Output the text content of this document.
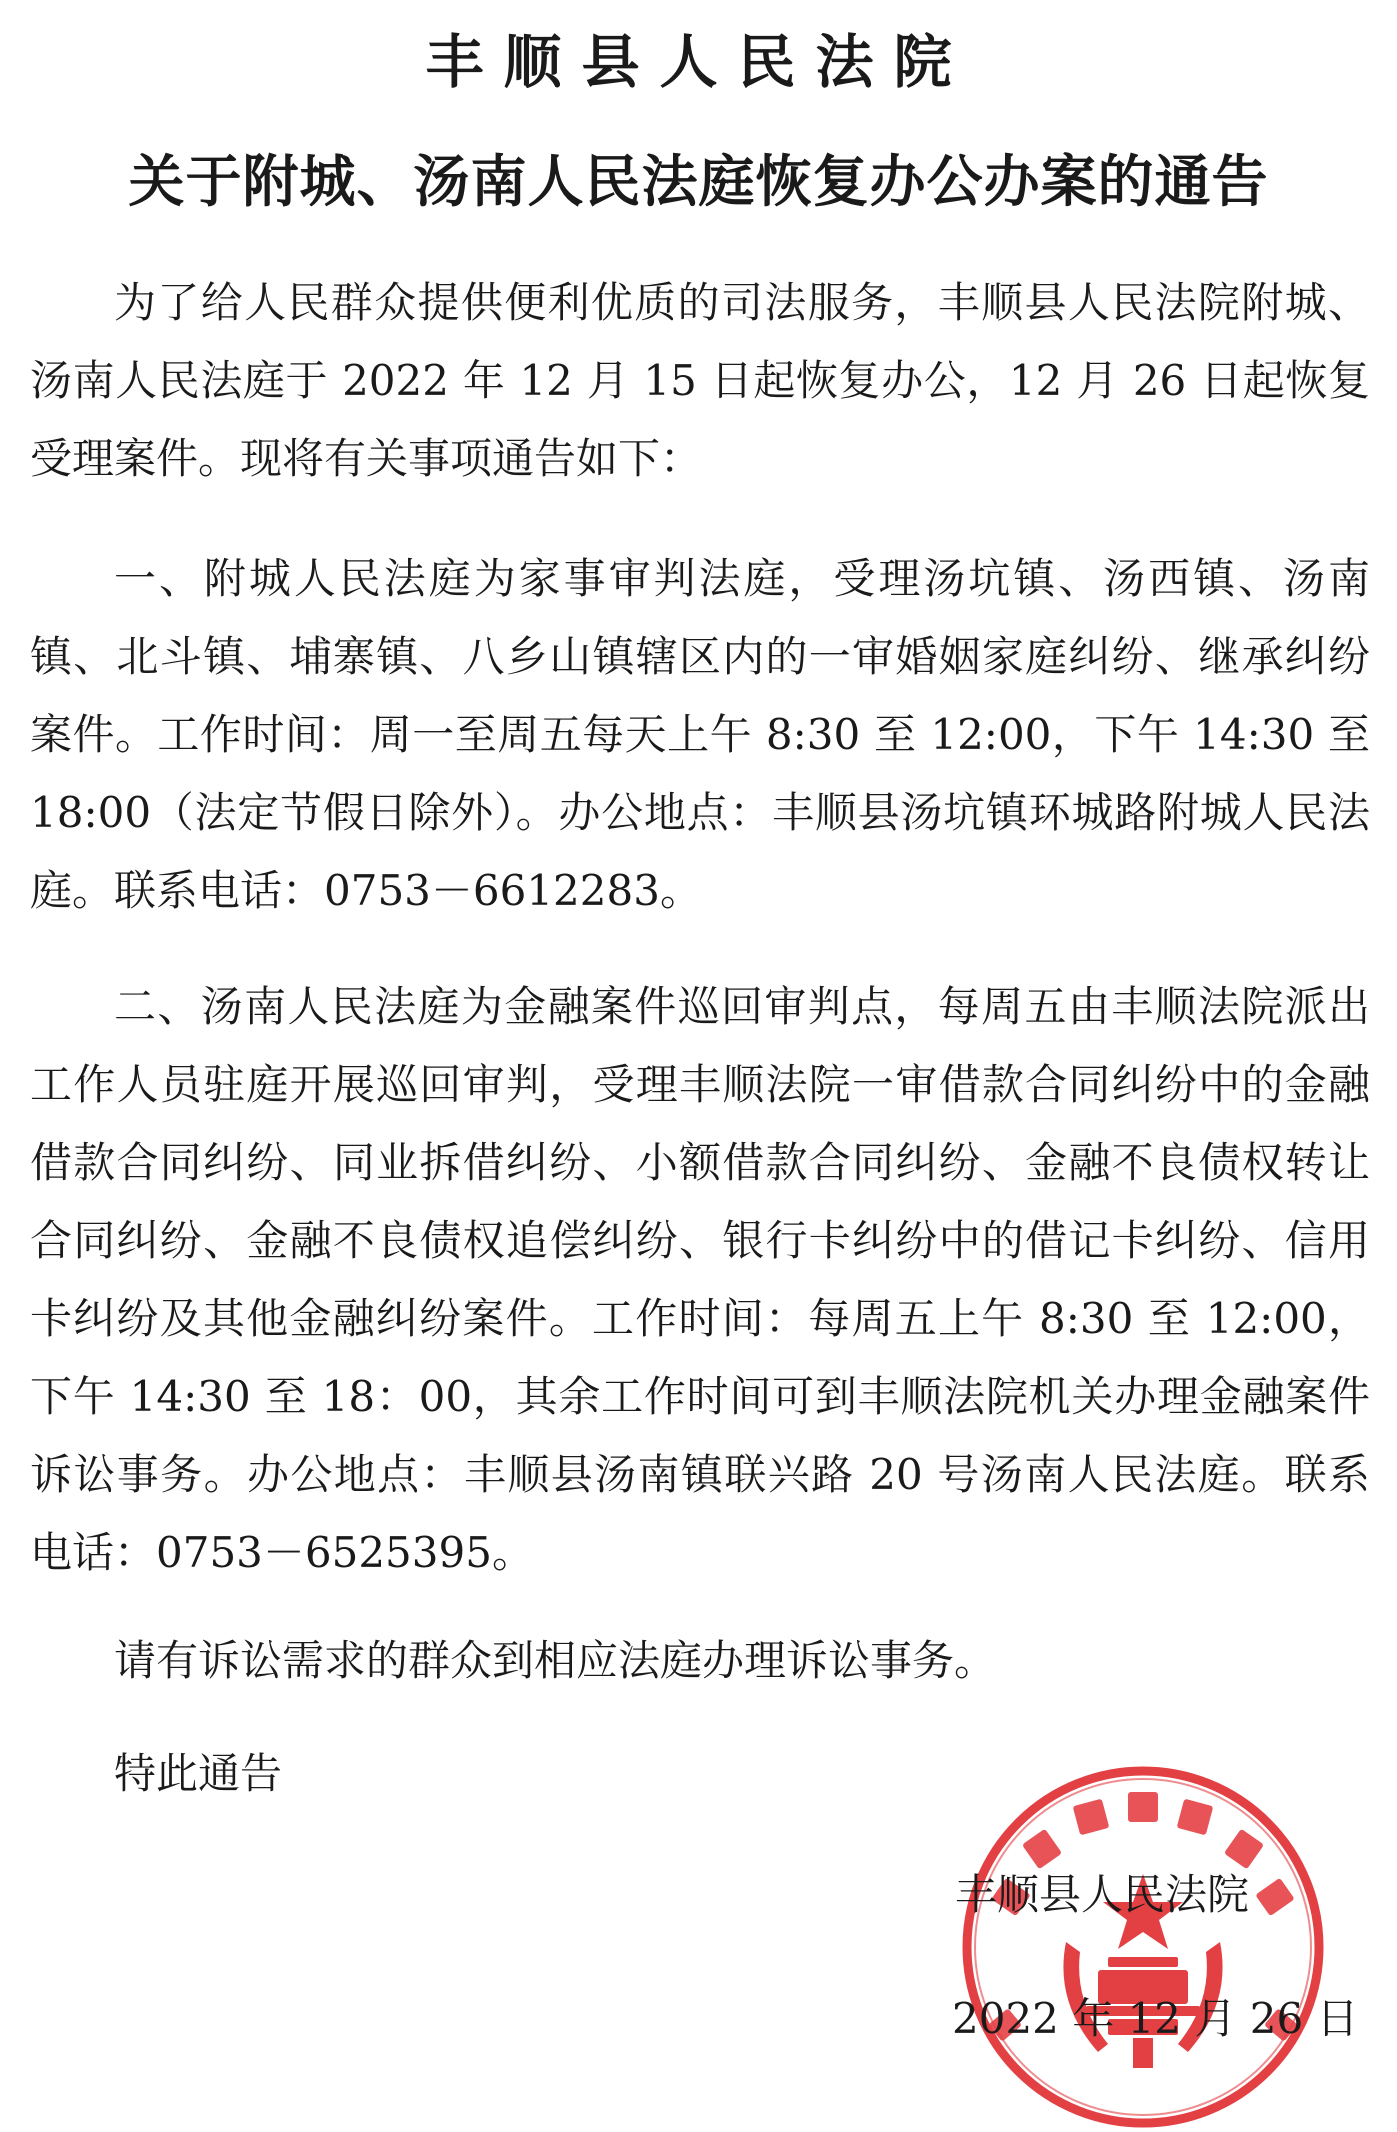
丰顺县人民法院
关于附城、汤南人民法庭恢复办公办案的通告

为了给人民群众提供便利优质的司法服务，丰顺县人民法院附城、汤南人民法庭于 2022 年 12 月 15 日起恢复办公，12 月 26 日起恢复受理案件。现将有关事项通告如下：

一、附城人民法庭为家事审判法庭，受理汤坑镇、汤西镇、汤南镇、北斗镇、埔寨镇、八乡山镇辖区内的一审婚姻家庭纠纷、继承纠纷案件。工作时间：周一至周五每天上午 8:30 至 12:00，下午 14:30 至 18:00（法定节假日除外）。办公地点：丰顺县汤坑镇环城路附城人民法庭。联系电话：0753－6612283。

二、汤南人民法庭为金融案件巡回审判点，每周五由丰顺法院派出工作人员驻庭开展巡回审判，受理丰顺法院一审借款合同纠纷中的金融借款合同纠纷、同业拆借纠纷、小额借款合同纠纷、金融不良债权转让合同纠纷、金融不良债权追偿纠纷、银行卡纠纷中的借记卡纠纷、信用卡纠纷及其他金融纠纷案件。工作时间：每周五上午 8:30 至 12:00，下午 14:30 至 18：00，其余工作时间可到丰顺法院机关办理金融案件诉讼事务。办公地点：丰顺县汤南镇联兴路 20 号汤南人民法庭。联系电话：0753－6525395。

请有诉讼需求的群众到相应法庭办理诉讼事务。

特此通告

丰顺县人民法院
2022 年 12 月 26 日
